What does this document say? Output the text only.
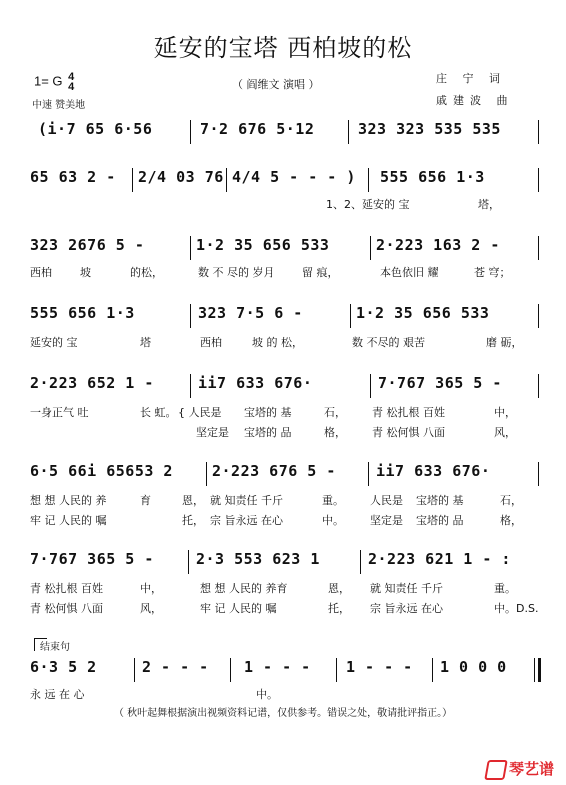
延安的宝塔 西柏坡的松
1= G 4
4
中速 赞美地
（ 阎维文 演唱 ）	庄 宁 词
戚建波 曲
(i·7 65 6·56	7·2 676 5·12	323 323 535 535
65 63 2 - 2/4 03 76 4/4 5 - - - ) 555 656 1·3
1、2、延安的 宝	塔，
323 2676 5 -	1·2 35 656 533	2·223 163 2 -
西柏	坡	的松，	数 不 尽的 岁月	留 痕，	本色依旧 耀	苍 穹；
555 656 1·3	323 7·5 6 -	1·2 35 656 533
延安的 宝	塔	西柏	坡 的 松，	数 不尽的 艰苦	磨 砺，
2·223 652 1 -	ii7 633 676·	7·767 365 5 -
一身正气 吐	长 虹。 { 人民是 宝塔的 基	石， 青 松扎根 百姓	中，
坚定是 宝塔的 品	格， 青 松何惧 八面	风，
6·5 66i 65653 2	2·223 676 5 -	ii7 633 676·
想 想 人民的 养	育	恩， 就 知责任 千斤	重。 人民是 宝塔的 基	石，
牢 记 人民的 嘱	托， 宗 旨永远 在心	中。 坚定是 宝塔的 品	格，
7·767 365 5 -	2·3 553 623 1	2·223 621 1 - :
青 松扎根 百姓	中，	想 想 人民的 养育	恩， 就 知责任 千斤	重。
青 松何惧 八面	风，	牢 记 人民的 嘱	托， 宗 旨永远 在心	中。D.S.
结束句
6·3 5 2	2 - - - 1 - - - 1 - - - 1 0 0 0
永 远 在 心	中。
（ 秋叶起舞根据演出视频资料记谱，仅供参考。错误之处，敬请批评指正。）
琴艺谱
